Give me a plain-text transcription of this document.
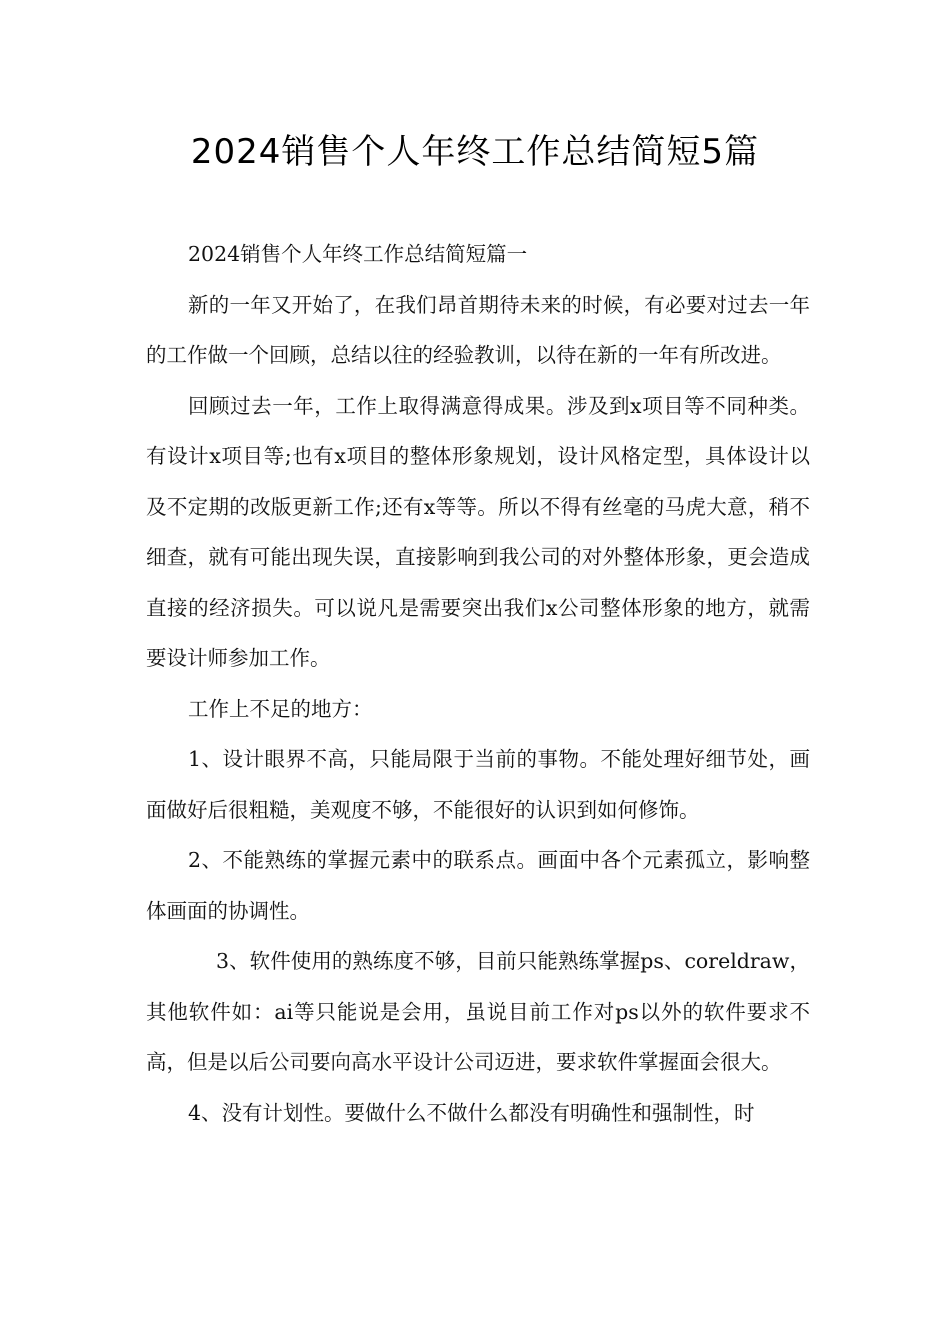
2024销售个人年终工作总结简短5篇

2024销售个人年终工作总结简短篇一

新的一年又开始了，在我们昂首期待未来的时候，有必要对过去一年的工作做一个回顾，总结以往的经验教训，以待在新的一年有所改进。

回顾过去一年，工作上取得满意得成果。涉及到x项目等不同种类。有设计x项目等;也有x项目的整体形象规划，设计风格定型，具体设计以及不定期的改版更新工作;还有x等等。所以不得有丝毫的马虎大意，稍不细查，就有可能出现失误，直接影响到我公司的对外整体形象，更会造成直接的经济损失。可以说凡是需要突出我们x公司整体形象的地方，就需要设计师参加工作。

工作上不足的地方：

1、设计眼界不高，只能局限于当前的事物。不能处理好细节处，画面做好后很粗糙，美观度不够，不能很好的认识到如何修饰。

2、不能熟练的掌握元素中的联系点。画面中各个元素孤立，影响整体画面的协调性。

3、软件使用的熟练度不够，目前只能熟练掌握ps、coreldraw，其他软件如：ai等只能说是会用，虽说目前工作对ps以外的软件要求不高，但是以后公司要向高水平设计公司迈进，要求软件掌握面会很大。

4、没有计划性。要做什么不做什么都没有明确性和强制性，时
